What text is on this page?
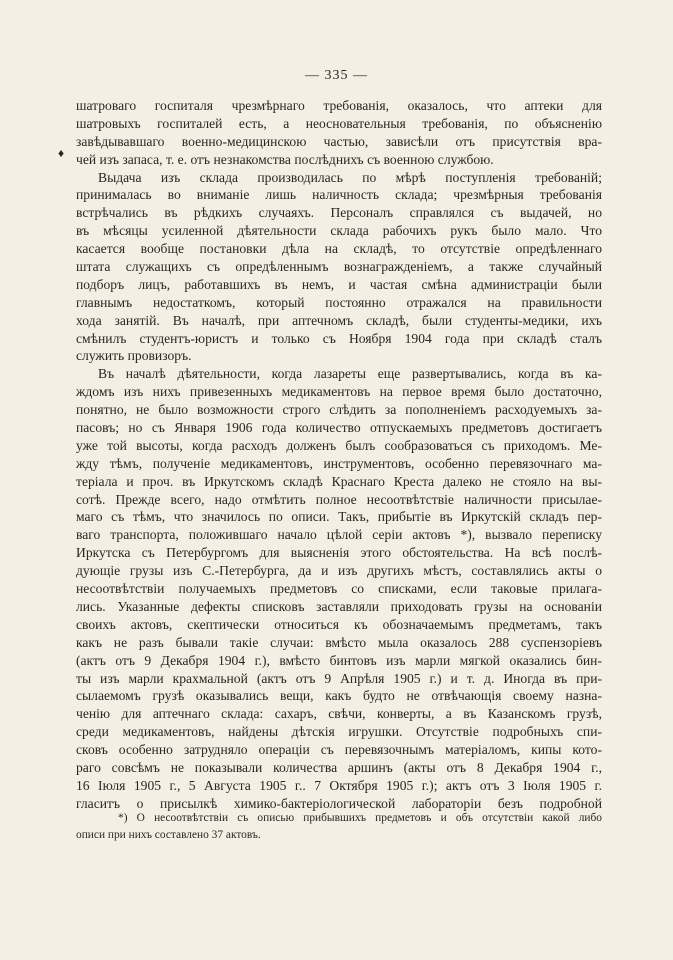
— 335 —
♦
шатроваго госпиталя чрезмѣрнаго требованія, оказалось, что аптеки для
шатровыхъ госпиталей есть, а неосновательныя требованія, по объясненію
завѣдывавшаго военно-медицинскою частью, зависѣли отъ присутствія вра-
чей изъ запаса, т. е. отъ незнакомства послѣднихъ съ военною службою.
Выдача изъ склада производилась по мѣрѣ поступленія требованій;
принималась во вниманіе лишь наличность склада; чрезмѣрныя требованія
встрѣчались въ рѣдкихъ случаяхъ. Персоналъ справлялся съ выдачей, но
въ мѣсяцы усиленной дѣятельности склада рабочихъ рукъ было мало. Что
касается вообще постановки дѣла на складѣ, то отсутствіе опредѣленнаго
штата служащихъ съ опредѣленнымъ вознагражденіемъ, а также случайный
подборъ лицъ, работавшихъ въ немъ, и частая смѣна администраціи были
главнымъ недостаткомъ, который постоянно отражался на правильности
хода занятій. Въ началѣ, при аптечномъ складѣ, были студенты-медики, ихъ
смѣнилъ студентъ-юристъ и только съ Ноября 1904 года при складѣ сталъ
служить провизоръ.
Въ началѣ дѣятельности, когда лазареты еще развертывались, когда въ ка-
ждомъ изъ нихъ привезенныхъ медикаментовъ на первое время было достаточно,
понятно, не было возможности строго слѣдить за пополненіемъ расходуемыхъ за-
пасовъ; но съ Января 1906 года количество отпускаемыхъ предметовъ достигаетъ
уже той высоты, когда расходъ долженъ былъ сообразоваться съ приходомъ. Ме-
жду тѣмъ, полученіе медикаментовъ, инструментовъ, особенно перевязочнаго ма-
теріала и проч. въ Иркутскомъ складѣ Краснаго Креста далеко не стояло на вы-
сотѣ. Прежде всего, надо отмѣтить полное несоотвѣтствіе наличности присылае-
маго съ тѣмъ, что значилось по описи. Такъ, прибытіе въ Иркутскій складъ пер-
ваго транспорта, положившаго начало цѣлой серіи актовъ *), вызвало переписку
Иркутска съ Петербургомъ для выясненія этого обстоятельства. На всѣ послѣ-
дующіе грузы изъ С.-Петербурга, да и изъ другихъ мѣстъ, составлялись акты о
несоотвѣтствіи получаемыхъ предметовъ со списками, если таковые прилага-
лись. Указанные дефекты списковъ заставляли приходовать грузы на основаніи
своихъ актовъ, скептически относиться къ обозначаемымъ предметамъ, такъ
какъ не разъ бывали такіе случаи: вмѣсто мыла оказалось 288 суспензоріевъ
(актъ отъ 9 Декабря 1904 г.), вмѣсто бинтовъ изъ марли мягкой оказались бин-
ты изъ марли крахмальной (актъ отъ 9 Апрѣля 1905 г.) и т. д. Иногда въ при-
сылаемомъ грузѣ оказывались вещи, какъ будто не отвѣчающія своему назна-
ченію для аптечнаго склада: сахаръ, свѣчи, конверты, а въ Казанскомъ грузѣ,
среди медикаментовъ, найдены дѣтскія игрушки. Отсутствіе подробныхъ спи-
сковъ особенно затрудняло операціи съ перевязочнымъ матеріаломъ, кипы кото-
раго совсѣмъ не показывали количества аршинъ (акты отъ 8 Декабря 1904 г.,
16 Іюля 1905 г., 5 Августа 1905 г.. 7 Октября 1905 г.); актъ отъ 3 Іюля 1905 г.
гласитъ о присылкѣ химико-бактеріологической лабораторіи безъ подробной
*) О несоотвѣтствіи съ описью прибывшихъ предметовъ и объ отсутствіи какой либо
описи при нихъ составлено 37 актовъ.
